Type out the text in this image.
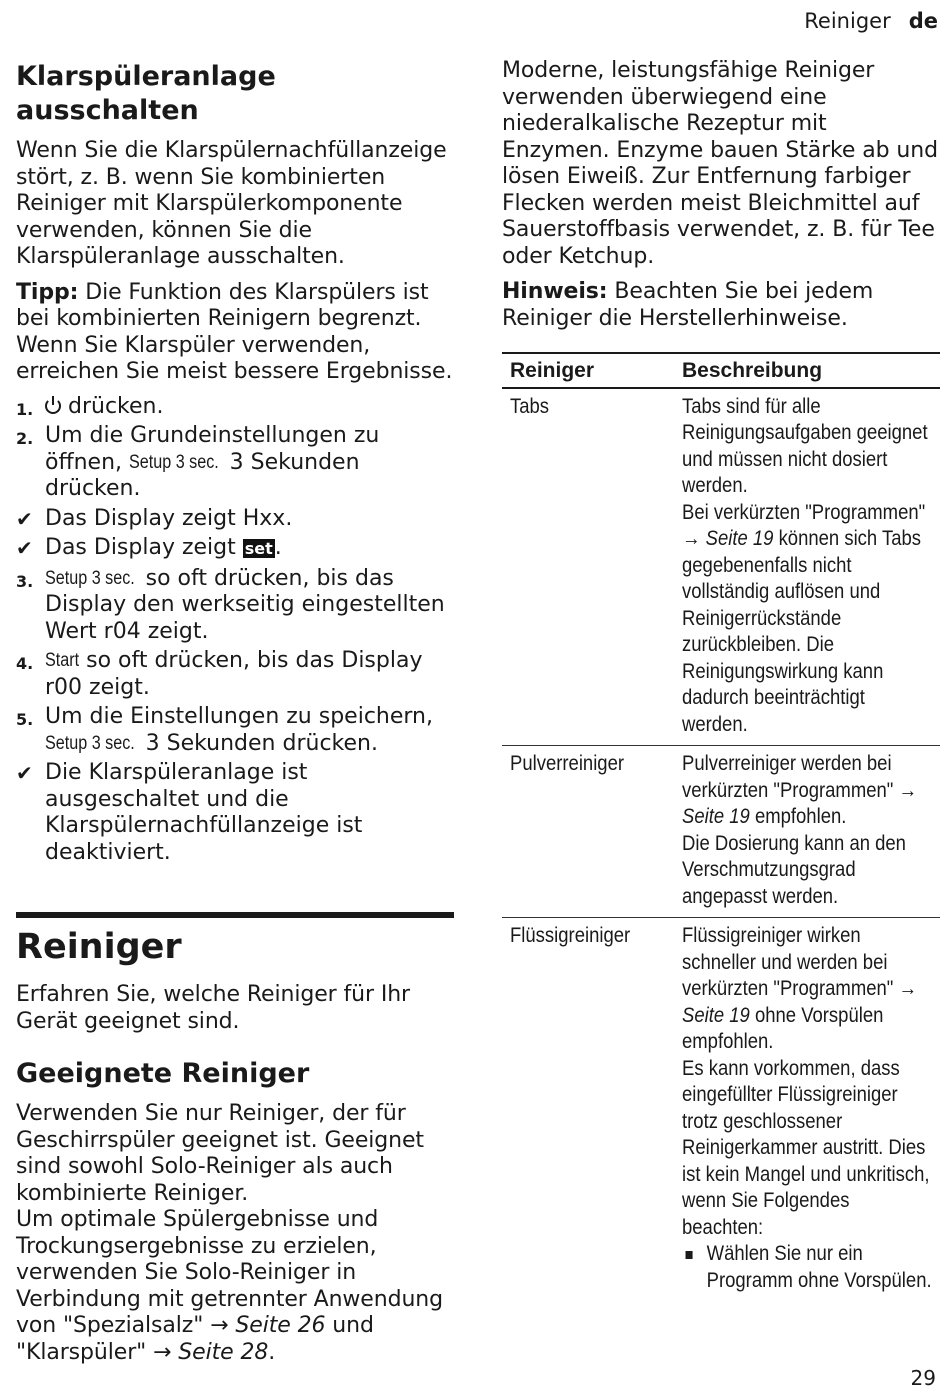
Reiniger de
Klarspüleranlage ausschalten

Wenn Sie die Klarspülernachfüllanzeige stört, z. B. wenn Sie kombinierten Reiniger mit Klarspülerkomponente verwenden, können Sie die Klarspüleranlage ausschalten.

Tipp: Die Funktion des Klarspülers ist bei kombinierten Reinigern begrenzt. Wenn Sie Klarspüler verwenden, erreichen Sie meist bessere Ergebnisse.

1. drücken.
2. Um die Grundeinstellungen zu öffnen, Setup 3 sec. 3 Sekunden drücken.
✔ Das Display zeigt Hxx.
✔ Das Display zeigt set.
3. Setup 3 sec. so oft drücken, bis das Display den werkseitig eingestellten Wert r04 zeigt.
4. Start so oft drücken, bis das Display r00 zeigt.
5. Um die Einstellungen zu speichern, Setup 3 sec. 3 Sekunden drücken.
✔ Die Klarspüleranlage ist ausgeschaltet und die Klarspülernachfüllanzeige ist deaktiviert.
Reiniger

Erfahren Sie, welche Reiniger für Ihr Gerät geeignet sind.

Geeignete Reiniger

Verwenden Sie nur Reiniger, der für Geschirrspüler geeignet ist. Geeignet sind sowohl Solo-Reiniger als auch kombinierte Reiniger.

Um optimale Spülergebnisse und Trockungsergebnisse zu erzielen, verwenden Sie Solo-Reiniger in Verbindung mit getrennter Anwendung von "Spezialsalz" → Seite 26 und "Klarspüler" → Seite 28.

Moderne, leistungsfähige Reiniger verwenden überwiegend eine niederalkalische Rezeptur mit Enzymen. Enzyme bauen Stärke ab und lösen Eiweiß. Zur Entfernung farbiger Flecken werden meist Bleichmittel auf Sauerstoffbasis verwendet, z. B. für Tee oder Ketchup.

Hinweis: Beachten Sie bei jedem Reiniger die Herstellerhinweise.

Reiniger	Beschreibung

Tabs	Tabs sind für alle Reinigungsaufgaben geeignet und müssen nicht dosiert werden.
Bei verkürzten "Programmen" → Seite 19 können sich Tabs gegebenenfalls nicht vollständig auflösen und Reinigerrückstände zurückbleiben. Die Reinigungswirkung kann dadurch beeinträchtigt werden.

Pulverreiniger	Pulverreiniger werden bei verkürzten "Programmen" → Seite 19 empfohlen.
Die Dosierung kann an den Verschmutzungsgrad angepasst werden.

Flüssigreiniger	Flüssigreiniger wirken schneller und werden bei verkürzten "Programmen" → Seite 19 ohne Vorspülen empfohlen.
Es kann vorkommen, dass eingefüllter Flüssigreiniger trotz geschlossener Reinigerkammer austritt. Dies ist kein Mangel und unkritisch, wenn Sie Folgendes beachten:
Wählen Sie nur ein Programm ohne Vorspülen.
29
